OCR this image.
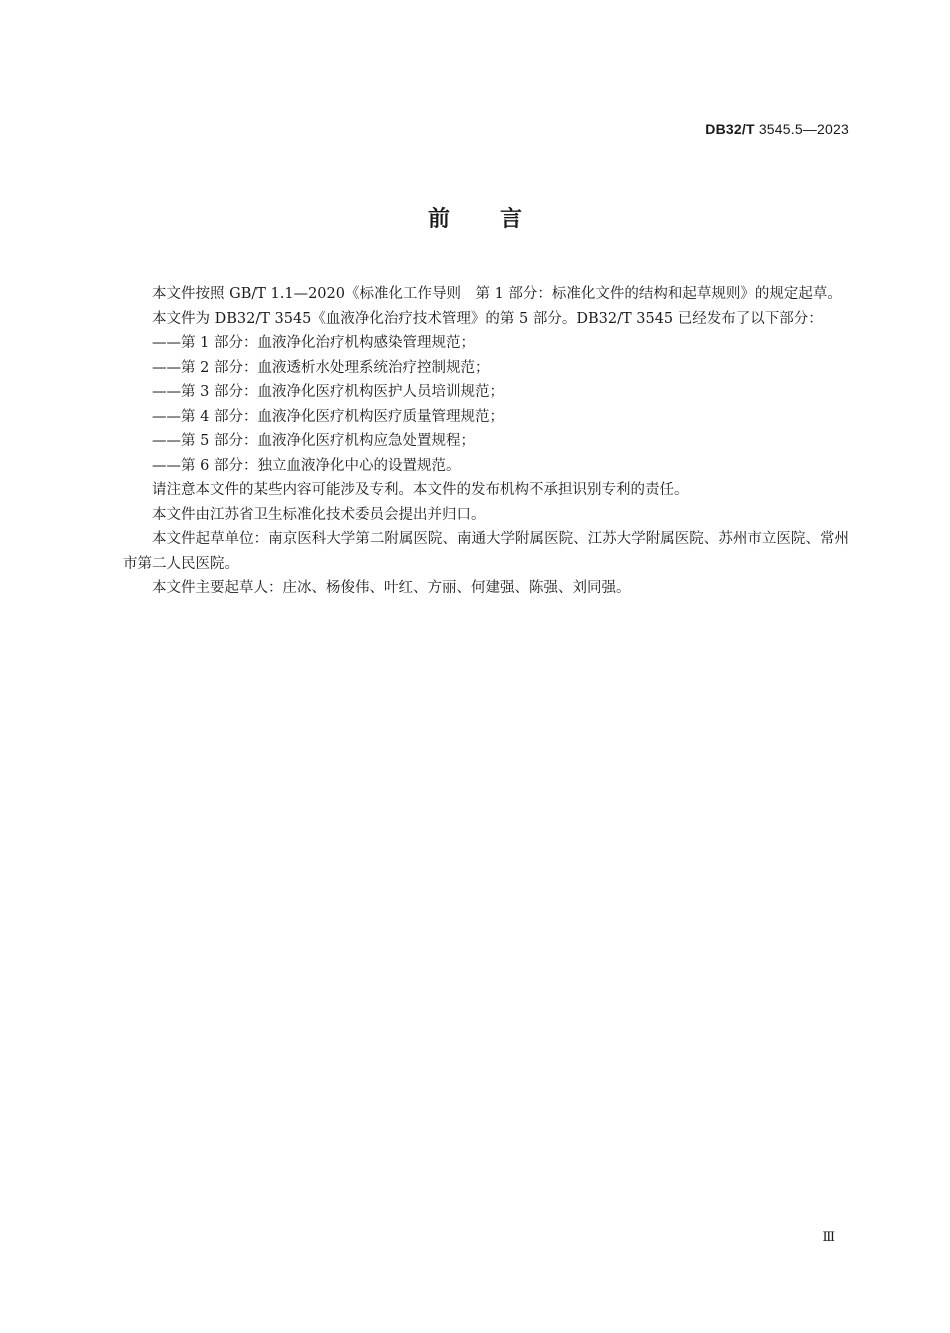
DB32/T 3545.5—2023
前言

本文件按照 GB/T 1.1—2020《标准化工作导则　第 1 部分：标准化文件的结构和起草规则》的规定起草。

本文件为 DB32/T 3545《血液净化治疗技术管理》的第 5 部分。DB32/T 3545 已经发布了以下部分：

——第 1 部分：血液净化治疗机构感染管理规范；
——第 2 部分：血液透析水处理系统治疗控制规范；
——第 3 部分：血液净化医疗机构医护人员培训规范；
——第 4 部分：血液净化医疗机构医疗质量管理规范；
——第 5 部分：血液净化医疗机构应急处置规程；
——第 6 部分：独立血液净化中心的设置规范。

请注意本文件的某些内容可能涉及专利。本文件的发布机构不承担识别专利的责任。

本文件由江苏省卫生标准化技术委员会提出并归口。

本文件起草单位：南京医科大学第二附属医院、南通大学附属医院、江苏大学附属医院、苏州市立医院、常州市第二人民医院。

本文件主要起草人：庄冰、杨俊伟、叶红、方丽、何建强、陈强、刘同强。

Ⅲ
